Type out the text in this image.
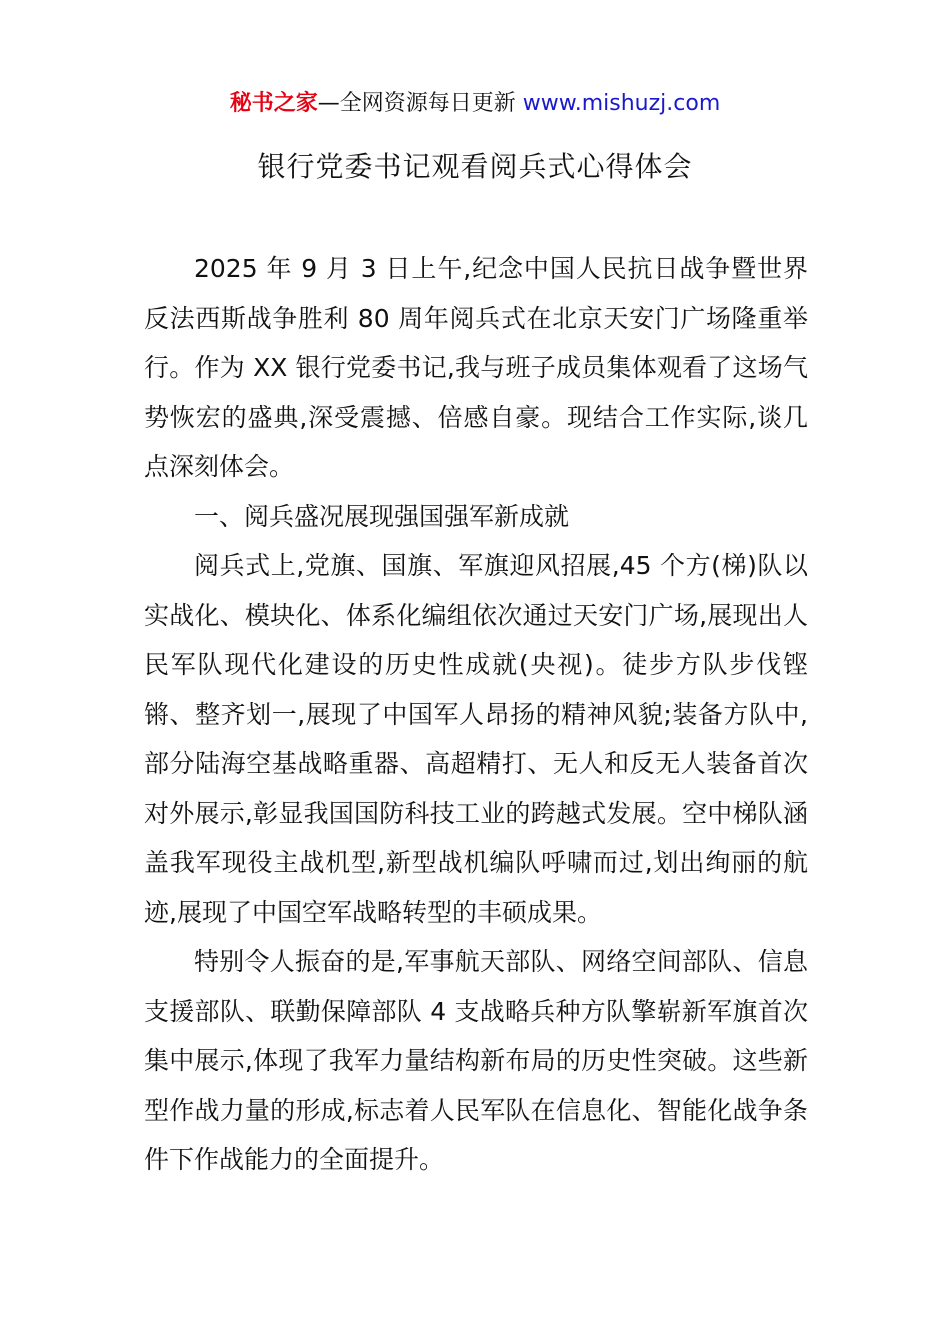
秘书之家—全网资源每日更新 www.mishuzj.com
银行党委书记观看阅兵式心得体会

2025 年 9 月 3 日上午,纪念中国人民抗日战争暨世界反法西斯战争胜利 80 周年阅兵式在北京天安门广场隆重举行。作为 XX 银行党委书记,我与班子成员集体观看了这场气势恢宏的盛典,深受震撼、倍感自豪。现结合工作实际,谈几点深刻体会。

一、阅兵盛况展现强国强军新成就

阅兵式上,党旗、国旗、军旗迎风招展,45 个方(梯)队以实战化、模块化、体系化编组依次通过天安门广场,展现出人民军队现代化建设的历史性成就(央视)。徒步方队步伐铿锵、整齐划一,展现了中国军人昂扬的精神风貌;装备方队中,部分陆海空基战略重器、高超精打、无人和反无人装备首次对外展示,彰显我国国防科技工业的跨越式发展。空中梯队涵盖我军现役主战机型,新型战机编队呼啸而过,划出绚丽的航迹,展现了中国空军战略转型的丰硕成果。

特别令人振奋的是,军事航天部队、网络空间部队、信息支援部队、联勤保障部队 4 支战略兵种方队擎崭新军旗首次集中展示,体现了我军力量结构新布局的历史性突破。这些新型作战力量的形成,标志着人民军队在信息化、智能化战争条件下作战能力的全面提升。
